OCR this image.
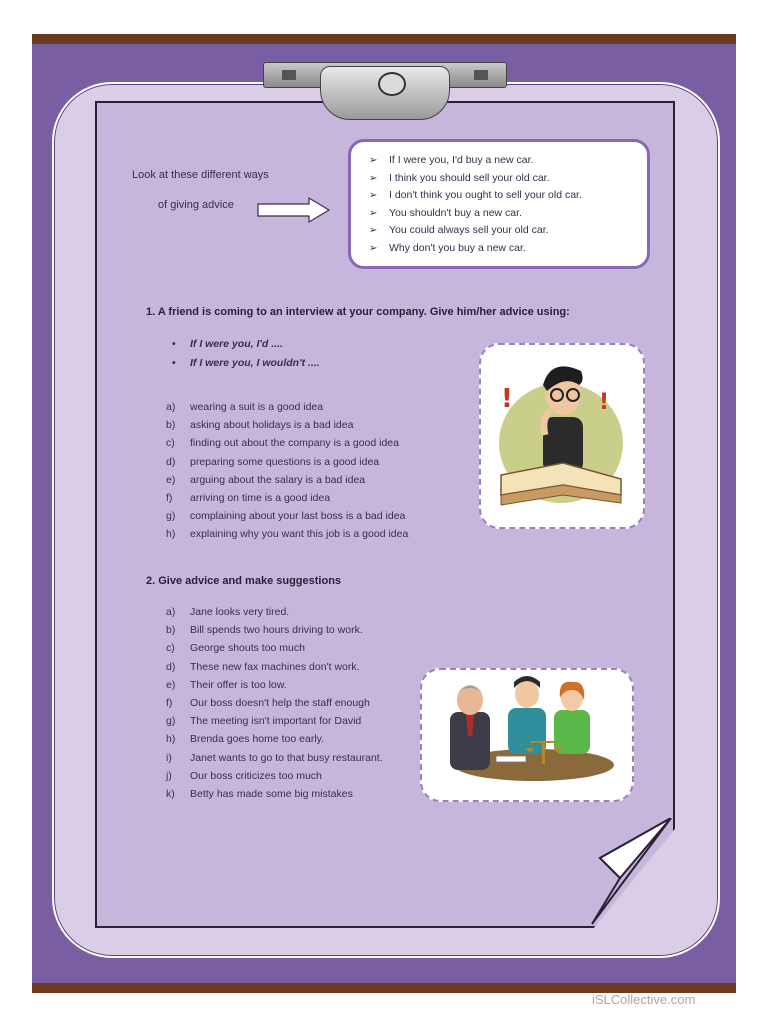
Look at these different ways
of giving advice
➢ If I were you, I'd buy a new car.
➢ I think you should sell your old car.
➢ I don't think you ought to sell your old car.
➢ You shouldn't buy a new car.
➢ You could always sell your old car.
➢ Why don't you buy a new car.
1. A friend is coming to an interview at your company. Give him/her advice using:
• If I were you, I'd ....
• If I were you, I wouldn't ....
a) wearing a suit is a good idea
b) asking about holidays is a bad idea
c) finding out about the company is a good idea
d) preparing some questions is a good idea
e) arguing about the salary is a bad idea
f) arriving on time is a good idea
g) complaining about your last boss is a bad idea
h) explaining why you want this job is a good idea
!	!
2. Give advice and make suggestions
a) Jane looks very tired.
b) Bill spends two hours driving to work.
c) George shouts too much
d) These new fax machines don't work.
e) Their offer is too low.
f) Our boss doesn't help the staff enough
g) The meeting isn't important for David
h) Brenda goes home too early.
i) Janet wants to go to that busy restaurant.
j) Our boss criticizes too much
k) Betty has made some big mistakes
iSLCollective.com
